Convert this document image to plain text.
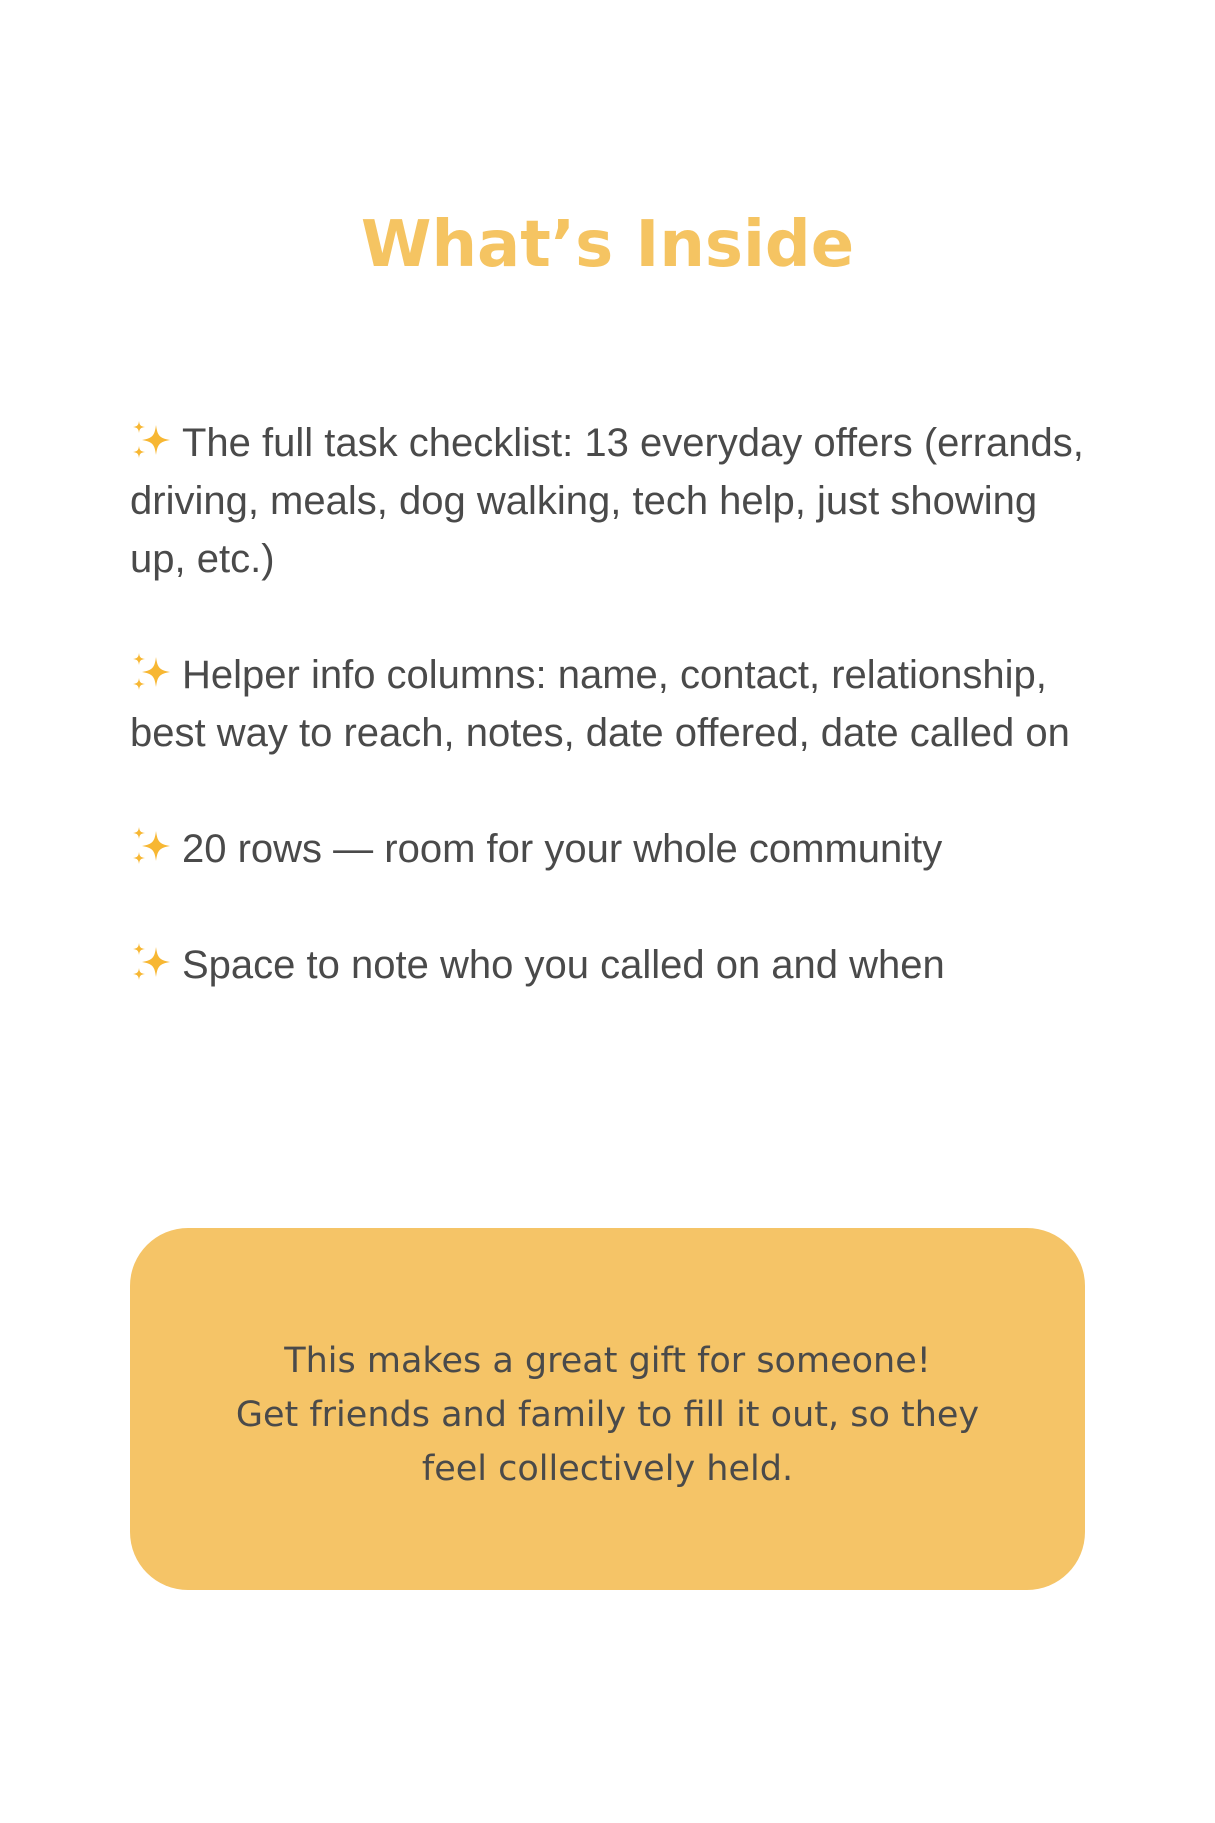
What’s Inside
The full task checklist: 13 everyday offers (errands, driving, meals, dog walking, tech help, just showing up, etc.)
Helper info columns: name, contact, relationship, best way to reach, notes, date offered, date called on
20 rows — room for your whole community
Space to note who you called on and when

This makes a great gift for someone!
Get friends and family to fill it out, so they
feel collectively held.
